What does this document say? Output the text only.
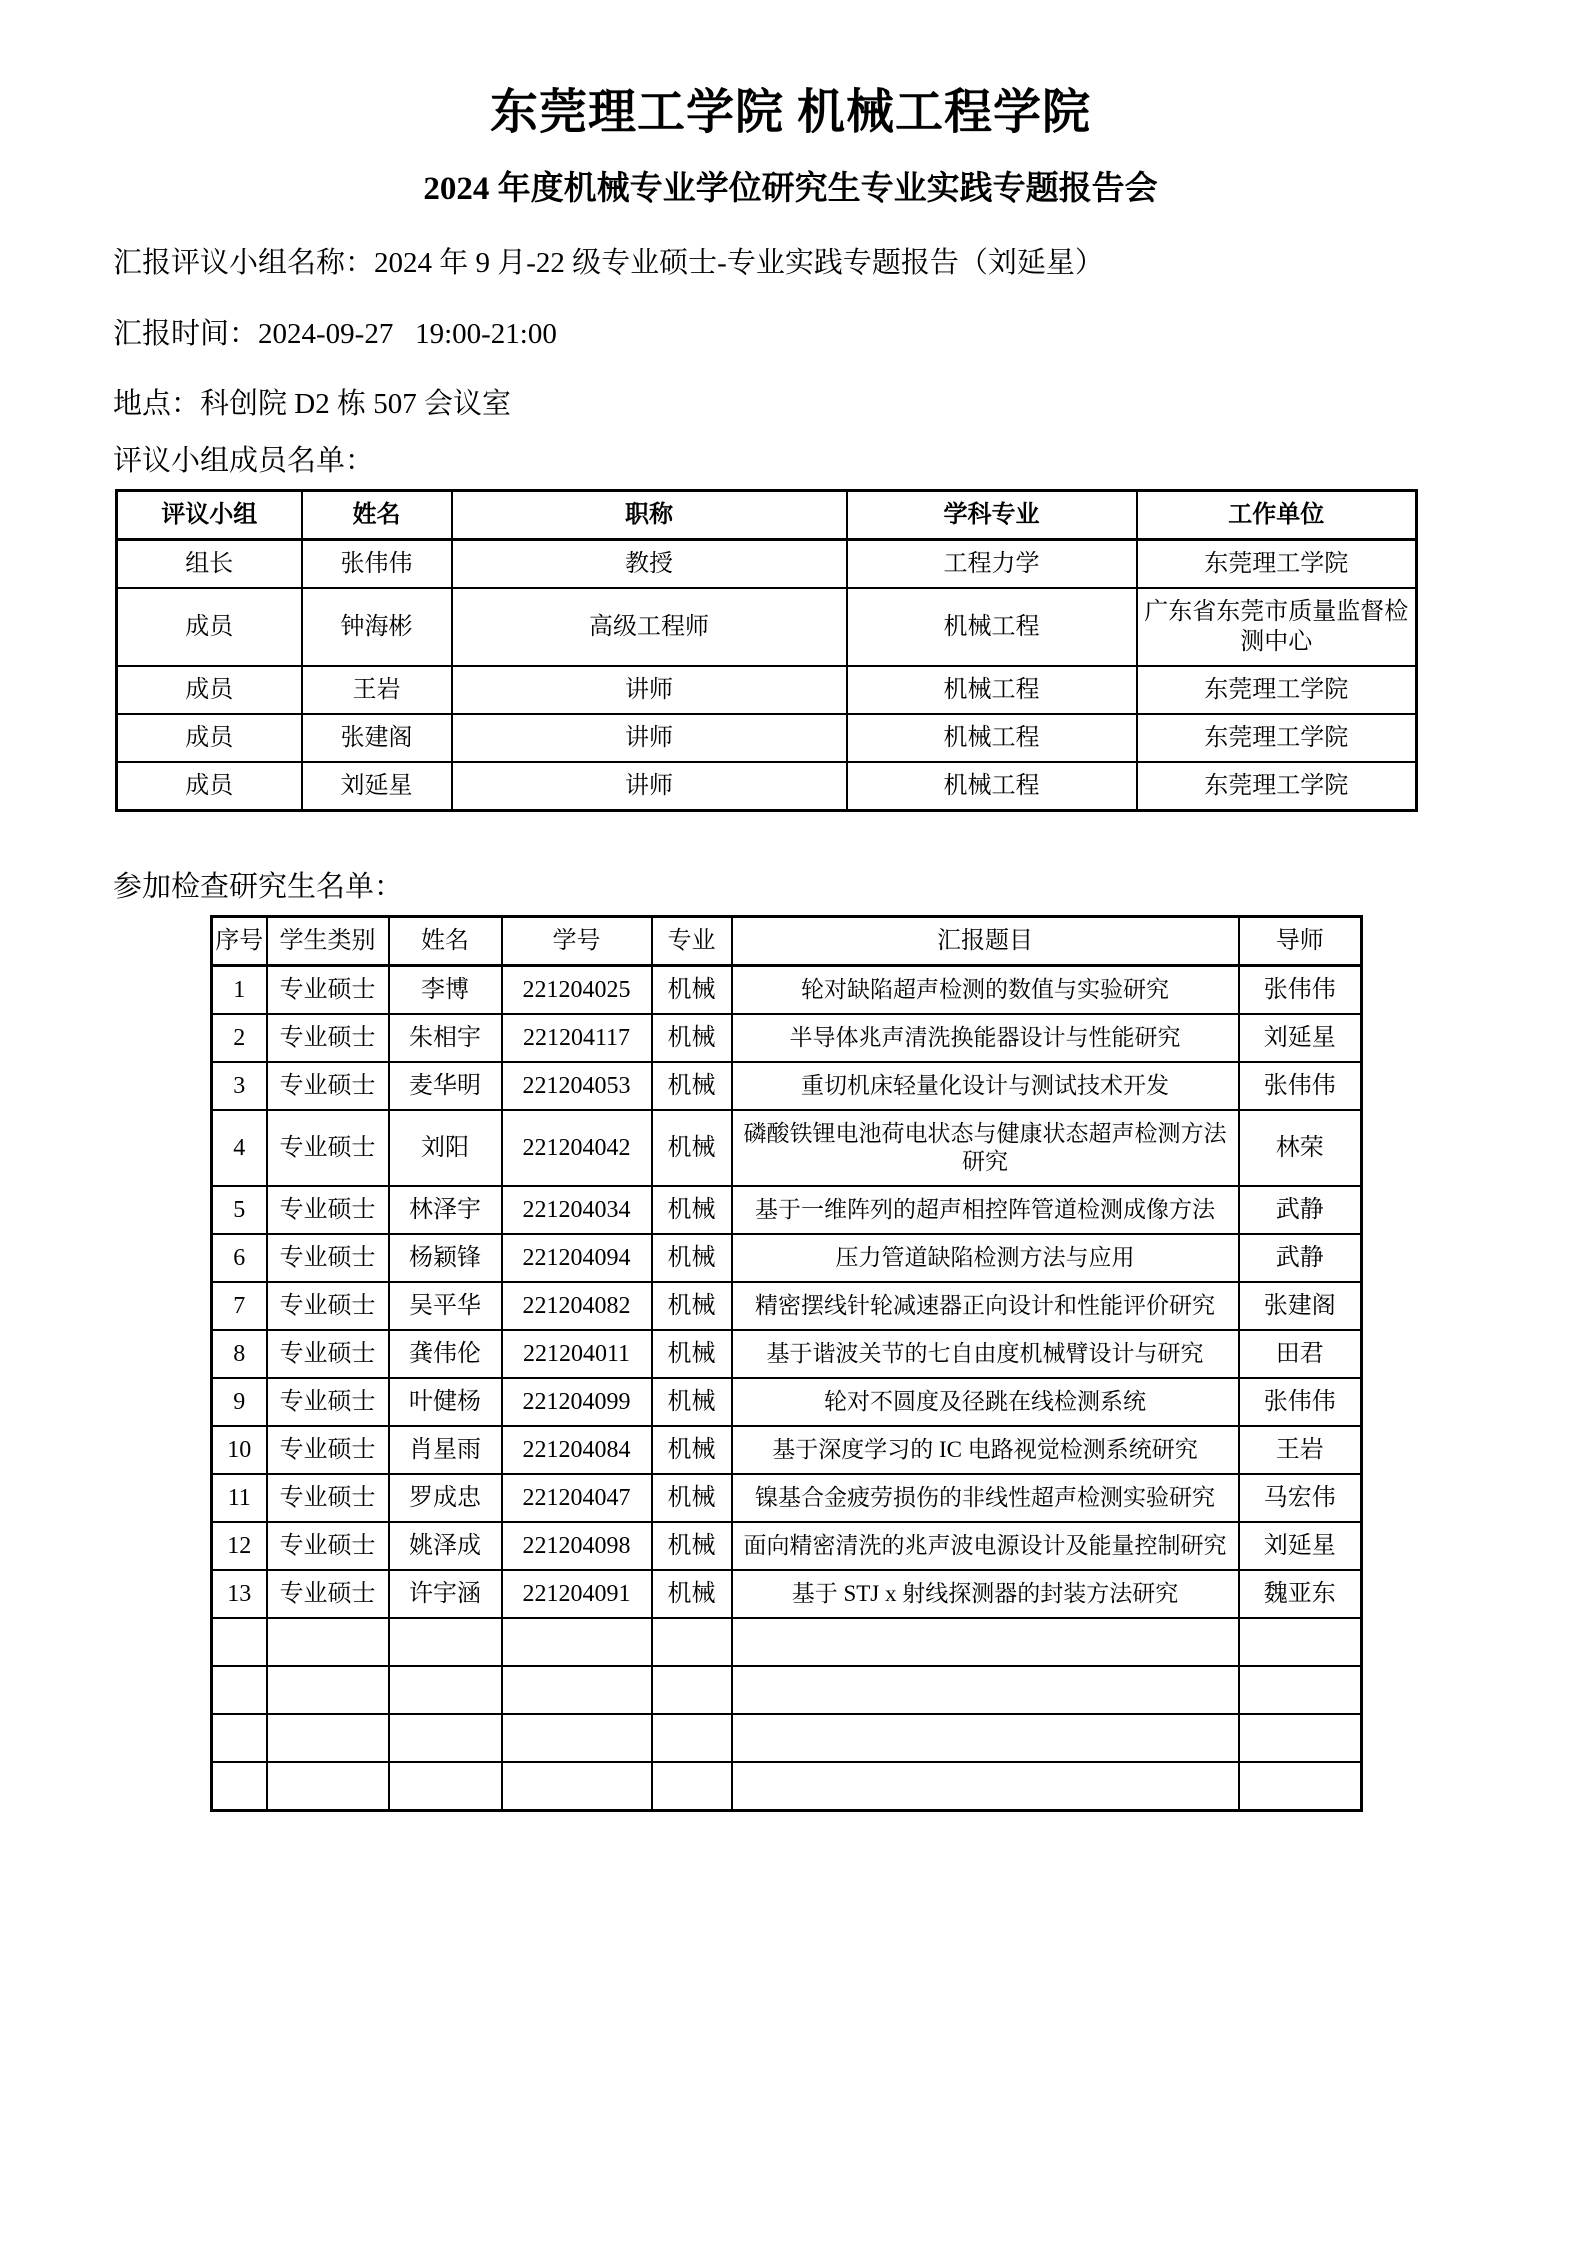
东莞理工学院 机械工程学院
2024 年度机械专业学位研究生专业实践专题报告会
汇报评议小组名称：2024 年 9 月-22 级专业硕士-专业实践专题报告（刘延星）
汇报时间：2024-09-27   19:00-21:00
地点：科创院 D2 栋 507 会议室
评议小组成员名单：
评议小组	姓名	职称	学科专业	工作单位
组长	张伟伟	教授	工程力学	东莞理工学院
成员	钟海彬	高级工程师	机械工程	广东省东莞市质量监督检测中心
成员	王岩	讲师	机械工程	东莞理工学院
成员	张建阁	讲师	机械工程	东莞理工学院
成员	刘延星	讲师	机械工程	东莞理工学院
参加检查研究生名单：
序号	学生类别	姓名	学号	专业	汇报题目	导师
1	专业硕士	李博	221204025	机械	轮对缺陷超声检测的数值与实验研究	张伟伟
2	专业硕士	朱相宇	221204117	机械	半导体兆声清洗换能器设计与性能研究	刘延星
3	专业硕士	麦华明	221204053	机械	重切机床轻量化设计与测试技术开发	张伟伟
4	专业硕士	刘阳	221204042	机械	磷酸铁锂电池荷电状态与健康状态超声检测方法研究	林荣
5	专业硕士	林泽宇	221204034	机械	基于一维阵列的超声相控阵管道检测成像方法	武静
6	专业硕士	杨颖锋	221204094	机械	压力管道缺陷检测方法与应用	武静
7	专业硕士	吴平华	221204082	机械	精密摆线针轮减速器正向设计和性能评价研究	张建阁
8	专业硕士	龚伟伦	221204011	机械	基于谐波关节的七自由度机械臂设计与研究	田君
9	专业硕士	叶健杨	221204099	机械	轮对不圆度及径跳在线检测系统	张伟伟
10	专业硕士	肖星雨	221204084	机械	基于深度学习的 IC 电路视觉检测系统研究	王岩
11	专业硕士	罗成忠	221204047	机械	镍基合金疲劳损伤的非线性超声检测实验研究	马宏伟
12	专业硕士	姚泽成	221204098	机械	面向精密清洗的兆声波电源设计及能量控制研究	刘延星
13	专业硕士	许宇涵	221204091	机械	基于 STJ x 射线探测器的封装方法研究	魏亚东
